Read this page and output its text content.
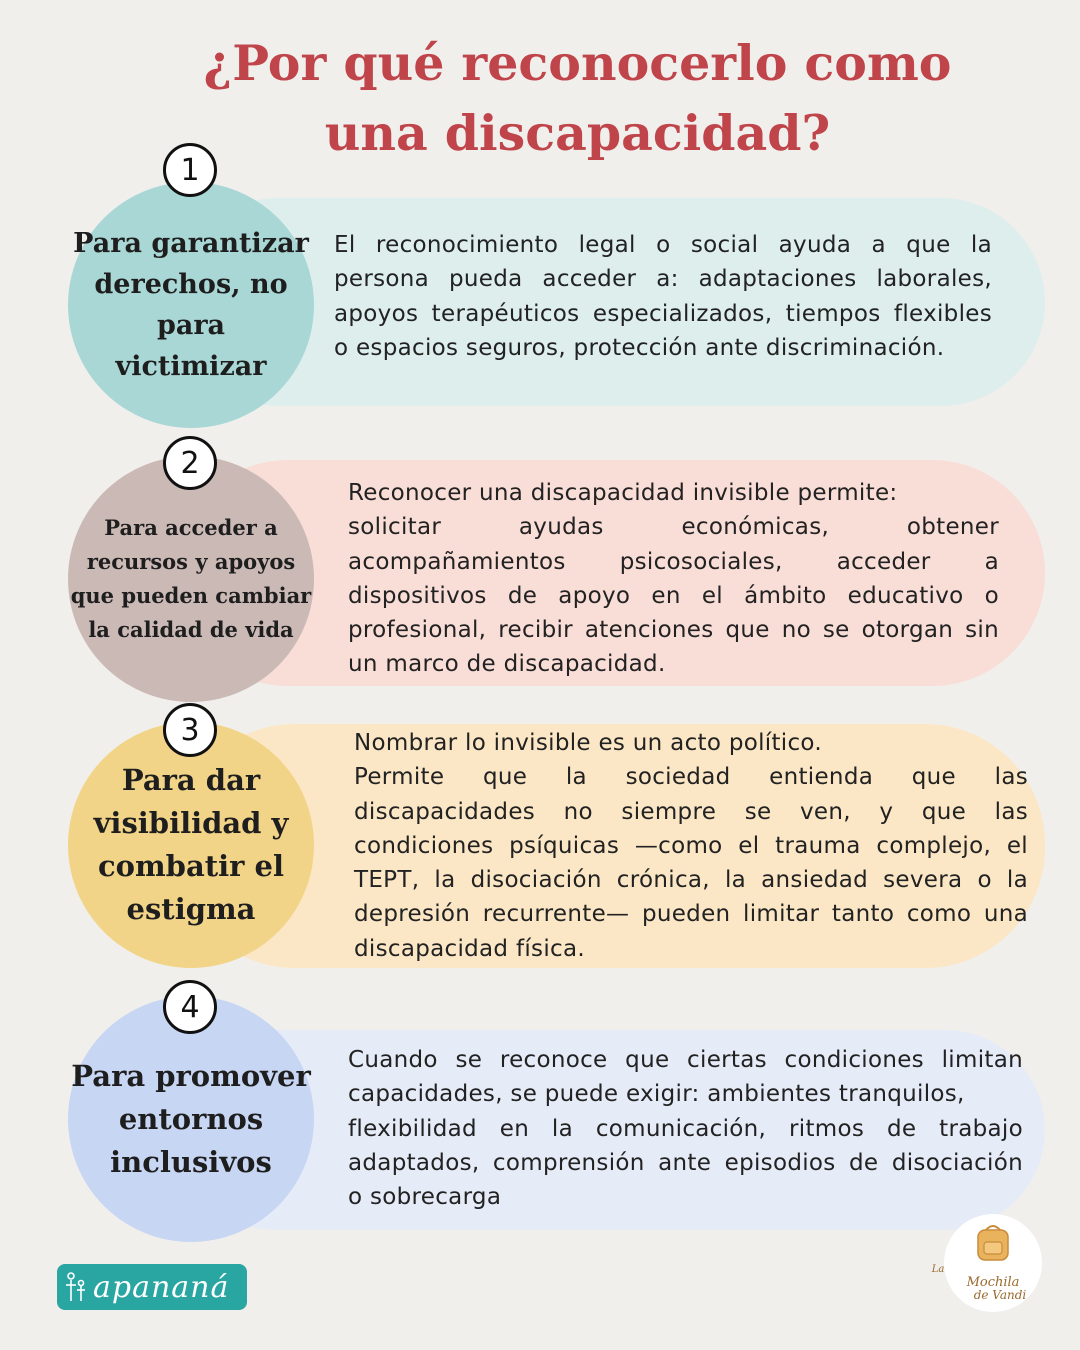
¿Por qué reconocerlo como
una discapacidad?
Para garantizar
derechos, no para
victimizar
1
El reconocimiento legal o social ayuda a que la
persona pueda acceder a: adaptaciones laborales,
apoyos terapéuticos especializados, tiempos flexibles
o espacios seguros, protección ante discriminación.
Para acceder a
recursos y apoyos
que pueden cambiar
la calidad de vida
2
Reconocer una discapacidad invisible permite:
solicitar ayudas económicas, obtener
acompañamientos psicosociales, acceder a
dispositivos de apoyo en el ámbito educativo o
profesional, recibir atenciones que no se otorgan sin
un marco de discapacidad.
Para dar
visibilidad y
combatir el
estigma
3	Nombrar lo invisible es un acto político.
Permite que la sociedad entienda que las
discapacidades no siempre se ven, y que las
condiciones psíquicas —como el trauma complejo, el
TEPT, la disociación crónica, la ansiedad severa o la
depresión recurrente— pueden limitar tanto como una
discapacidad física.
Para promover
entornos
inclusivos
4
Cuando se reconoce que ciertas condiciones limitan
capacidades, se puede exigir: ambientes tranquilos,
flexibilidad en la comunicación, ritmos de trabajo
adaptados, comprensión ante episodios de disociación
o sobrecarga
apananá	La
Mochila
de Vandi
